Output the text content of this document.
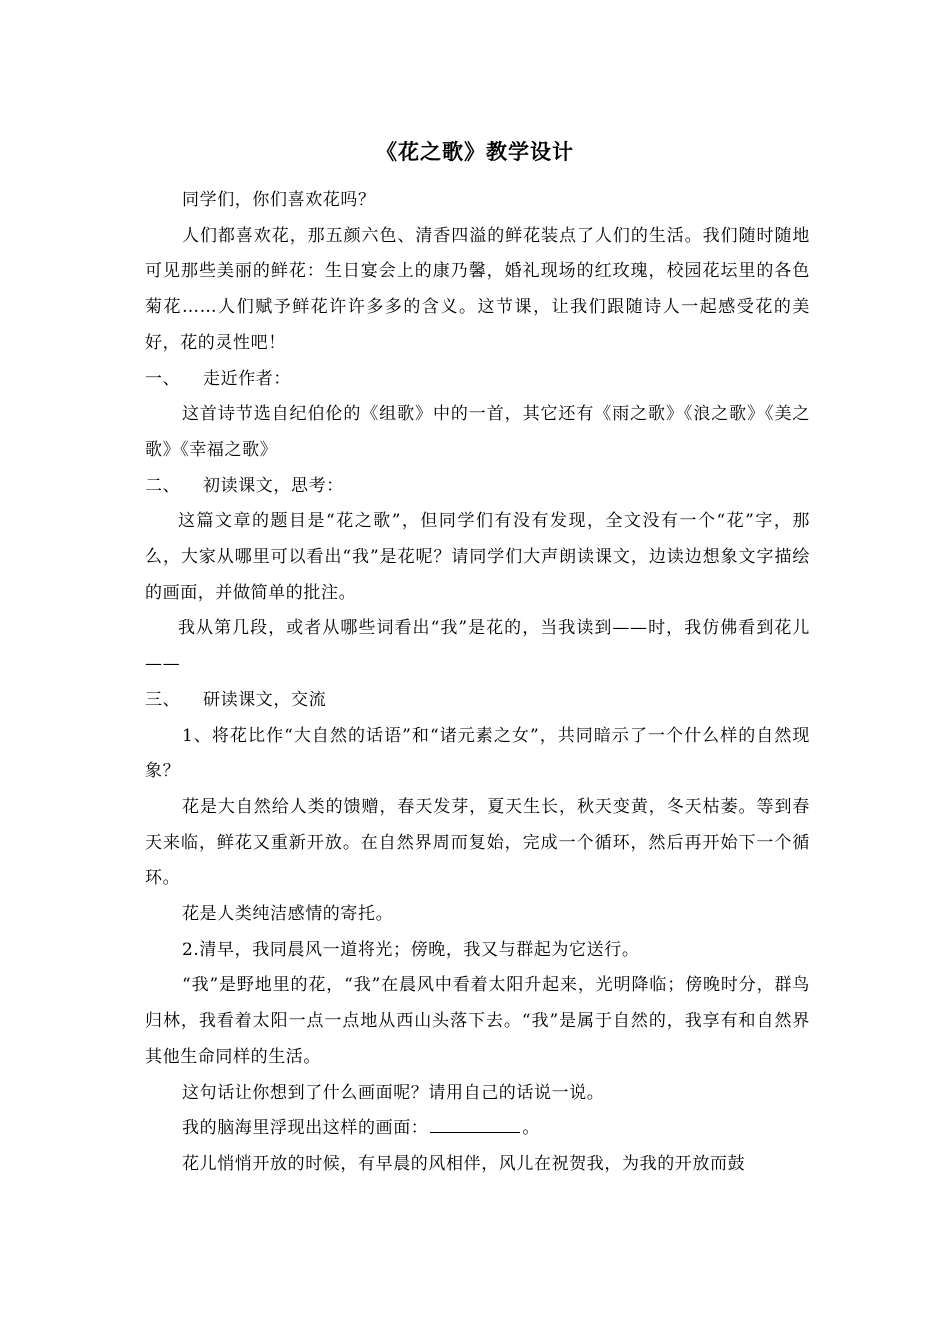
《花之歌》教学设计

同学们，你们喜欢花吗？

人们都喜欢花，那五颜六色、清香四溢的鲜花装点了人们的生活。我们随时随地可见那些美丽的鲜花：生日宴会上的康乃馨，婚礼现场的红玫瑰，校园花坛里的各色菊花……人们赋予鲜花许许多多的含义。这节课，让我们跟随诗人一起感受花的美好，花的灵性吧！

一、 走近作者：

这首诗节选自纪伯伦的《组歌》中的一首，其它还有《雨之歌》《浪之歌》《美之歌》《幸福之歌》

二、 初读课文，思考：

这篇文章的题目是“花之歌”，但同学们有没有发现，全文没有一个“花”字，那么，大家从哪里可以看出“我”是花呢？请同学们大声朗读课文，边读边想象文字描绘的画面，并做简单的批注。

我从第几段，或者从哪些词看出“我”是花的，当我读到——时，我仿佛看到花儿——

三、 研读课文，交流

1、将花比作“大自然的话语”和“诸元素之女”，共同暗示了一个什么样的自然现象？

花是大自然给人类的馈赠，春天发芽，夏天生长，秋天变黄，冬天枯萎。等到春天来临，鲜花又重新开放。在自然界周而复始，完成一个循环，然后再开始下一个循环。

花是人类纯洁感情的寄托。

2.清早，我同晨风一道将光；傍晚，我又与群起为它送行。

“我”是野地里的花，“我”在晨风中看着太阳升起来，光明降临；傍晚时分，群鸟归林，我看着太阳一点一点地从西山头落下去。“我”是属于自然的，我享有和自然界其他生命同样的生活。

这句话让你想到了什么画面呢？请用自己的话说一说。

我的脑海里浮现出这样的画面：	。

花儿悄悄开放的时候，有早晨的风相伴，风儿在祝贺我，为我的开放而鼓
